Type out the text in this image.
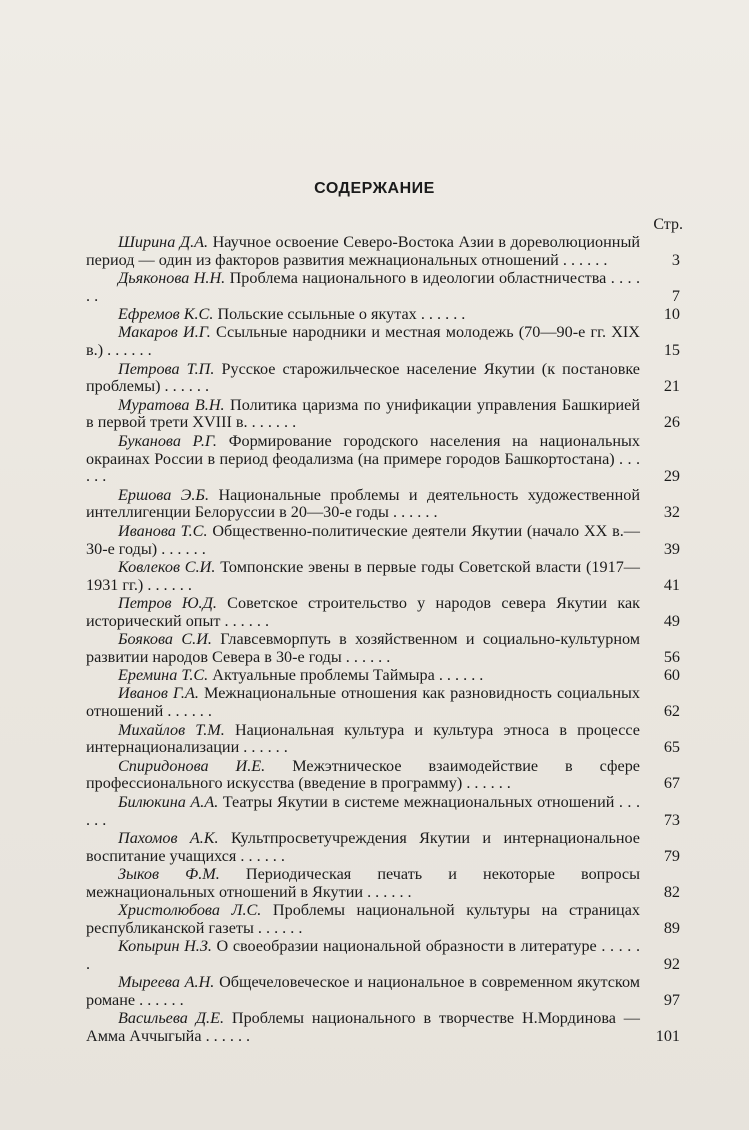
СОДЕРЖАНИЕ
Стр.
Ширина Д.А. Научное освоение Северо-Востока Азии в дореволюционный период — один из факторов развития межнациональных отношений . . . . . .	3
Дьяконова Н.Н. Проблема национального в идеологии областничества . . . . . .	7
Ефремов К.С. Польские ссыльные о якутах . . . . . .	10
Макаров И.Г. Ссыльные народники и местная молодежь (70—90-е гг. XIX в.) . . . . . .	15
Петрова Т.П. Русское старожильческое население Якутии (к постановке проблемы) . . . . . .	21
Муратова В.Н. Политика царизма по унификации управления Башкирией в первой трети XVIII в. . . . . . .	26
Буканова Р.Г. Формирование городского населения на национальных окраинах России в период феодализма (на примере городов Башкортостана) . . . . . .	29
Ершова Э.Б. Национальные проблемы и деятельность художественной интеллигенции Белоруссии в 20—30-е годы . . . . . .	32
Иванова Т.С. Общественно-политические деятели Якутии (начало XX в.—30-е годы) . . . . . .	39
Ковлеков С.И. Томпонские эвены в первые годы Советской власти (1917—1931 гг.) . . . . . .	41
Петров Ю.Д. Советское строительство у народов севера Якутии как исторический опыт . . . . . .	49
Боякова С.И. Главсевморпуть в хозяйственном и социально-культурном развитии народов Севера в 30-е годы . . . . . .	56
Еремина Т.С. Актуальные проблемы Таймыра . . . . . .	60
Иванов Г.А. Межнациональные отношения как разновидность социальных отношений . . . . . .	62
Михайлов Т.М. Национальная культура и культура этноса в процессе интернационализации . . . . . .	65
Спиридонова И.Е. Межэтническое взаимодействие в сфере профессионального искусства (введение в программу) . . . . . .	67
Билюкина А.А. Театры Якутии в системе межнациональных отношений . . . . . .	73
Пахомов А.К. Культпросветучреждения Якутии и интернациональное воспитание учащихся . . . . . .	79
Зыков Ф.М. Периодическая печать и некоторые вопросы межнациональных отношений в Якутии . . . . . .	82
Христолюбова Л.С. Проблемы национальной культуры на страницах республиканской газеты . . . . . .	89
Копырин Н.З. О своеобразии национальной образности в литературе . . . . . .	92
Мыреева А.Н. Общечеловеческое и национальное в современном якутском романе . . . . . .	97
Васильева Д.Е. Проблемы национального в творчестве Н.Мординова — Амма Аччыгыйа . . . . . .	101
